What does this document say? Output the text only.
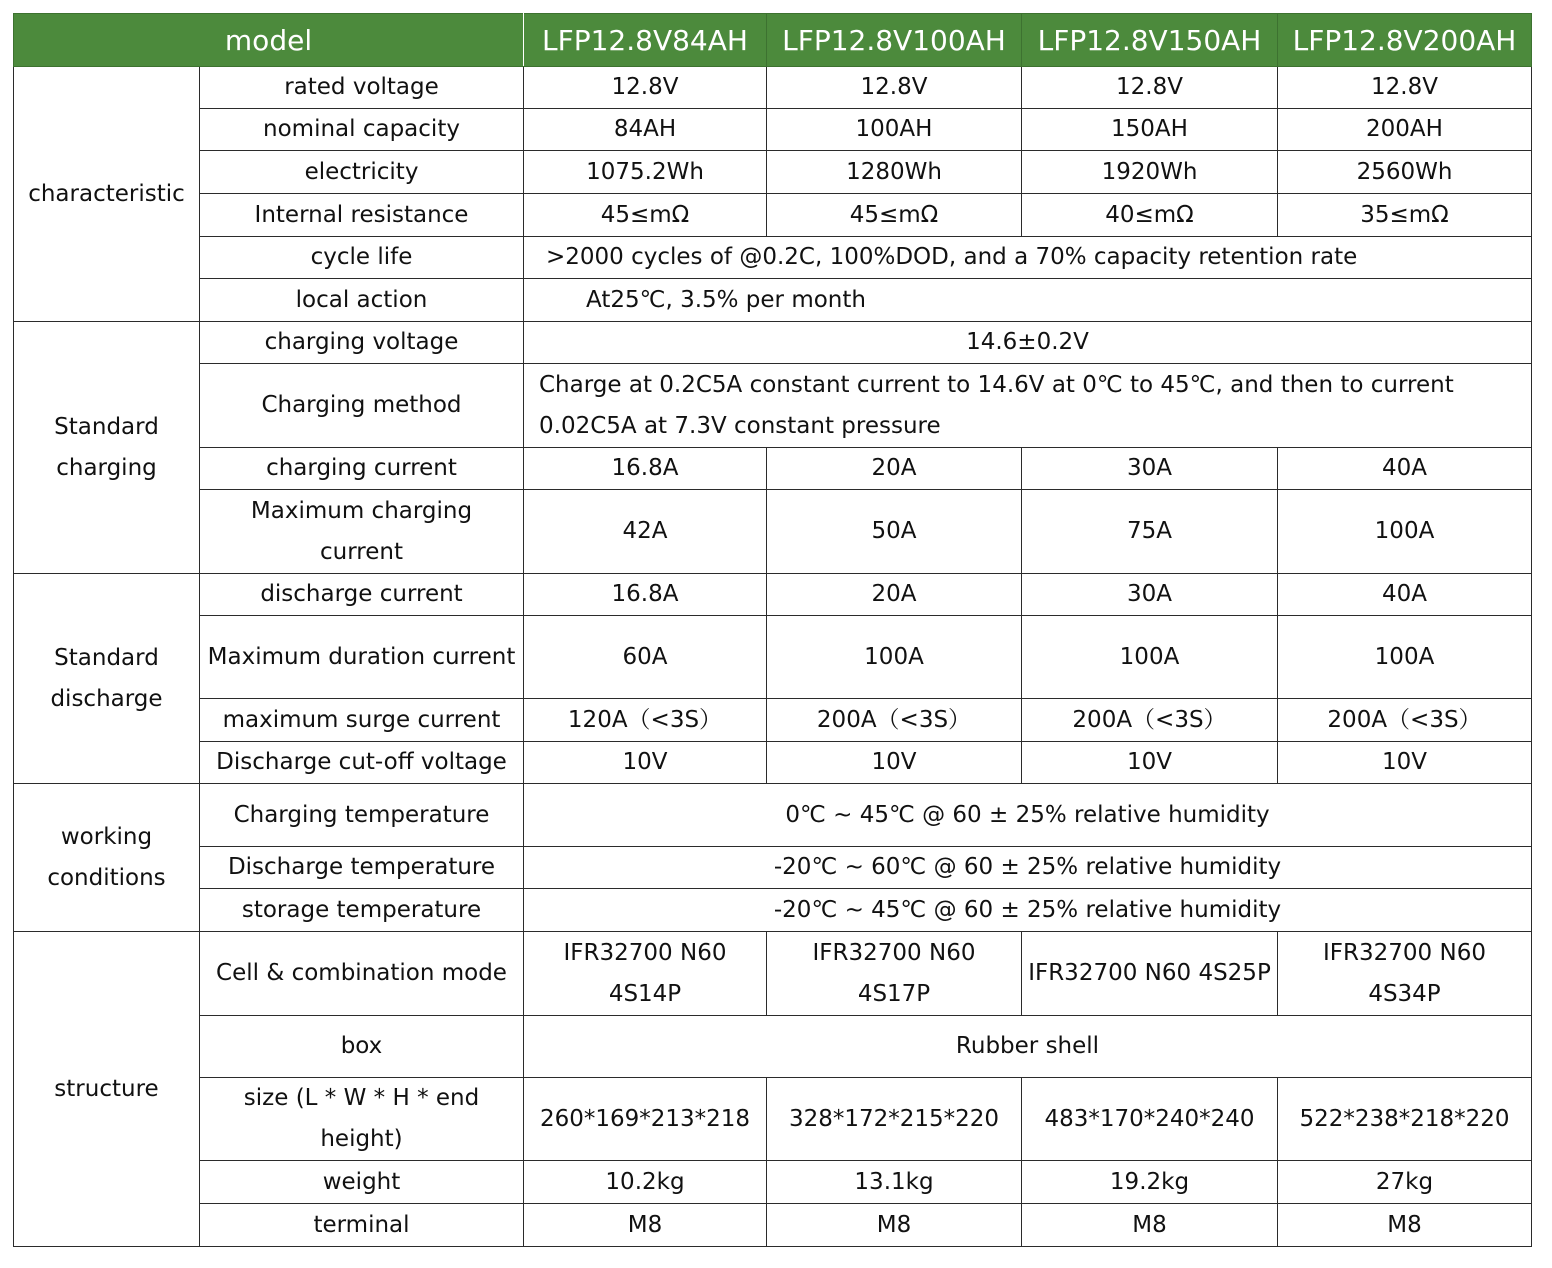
model		LFP12.8V84AH	LFP12.8V100AH	LFP12.8V150AH	LFP12.8V200AH
characteristic	rated voltage	12.8V	12.8V	12.8V	12.8V
	nominal capacity	84AH	100AH	150AH	200AH
	electricity	1075.2Wh	1280Wh	1920Wh	2560Wh
	Internal resistance	45≤mΩ	45≤mΩ	40≤mΩ	35≤mΩ
	cycle life	>2000 cycles of @0.2C, 100%DOD, and a 70% capacity retention rate			
	local action	At25℃, 3.5% per month			
Standard charging	charging voltage	14.6±0.2V			
	Charging method	Charge at 0.2C5A constant current to 14.6V at 0℃ to 45℃, and then to current 0.02C5A at 7.3V constant pressure			
	charging current	16.8A	20A	30A	40A
	Maximum charging current	42A	50A	75A	100A
Standard discharge	discharge current	16.8A	20A	30A	40A
	Maximum duration current	60A	100A	100A	100A
	maximum surge current	120A（<3S）	200A（<3S）	200A（<3S）	200A（<3S）
	Discharge cut-off voltage	10V	10V	10V	10V
working conditions	Charging temperature	0℃ ~ 45℃ @ 60 ± 25% relative humidity			
	Discharge temperature	-20℃ ~ 60℃ @ 60 ± 25% relative humidity			
	storage temperature	-20℃ ~ 45℃ @ 60 ± 25% relative humidity			
structure	Cell & combination mode	IFR32700 N60 4S14P	IFR32700 N60 4S17P	IFR32700 N60 4S25P	IFR32700 N60 4S34P
	box	Rubber shell			
	size (L * W * H * end height)	260*169*213*218	328*172*215*220	483*170*240*240	522*238*218*220
	weight	10.2kg	13.1kg	19.2kg	27kg
	terminal	M8	M8	M8	M8
